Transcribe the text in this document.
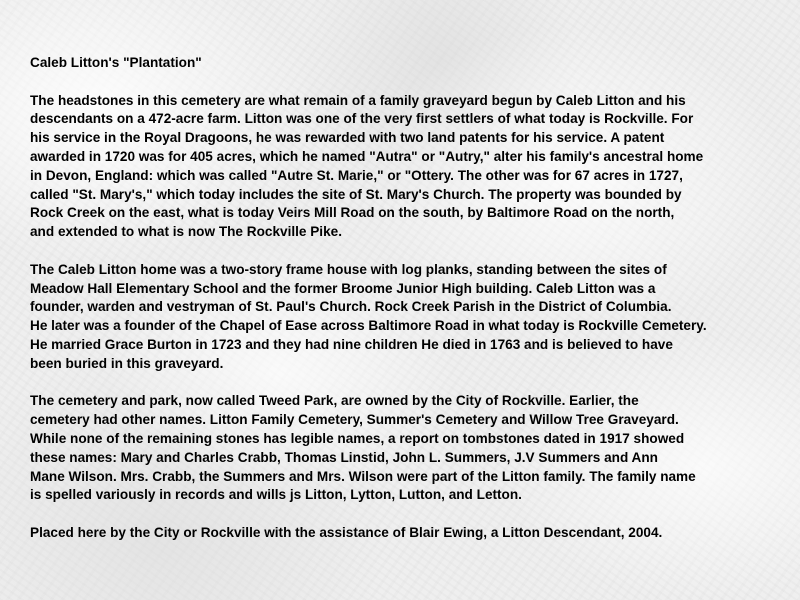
Caleb Litton's "Plantation"

The headstones in this cemetery are what remain of a family graveyard begun by Caleb Litton and his
descendants on a 472-acre farm. Litton was one of the very first settlers of what today is Rockville. For
his service in the Royal Dragoons, he was rewarded with two land patents for his service. A patent
awarded in 1720 was for 405 acres, which he named "Autra" or "Autry," alter his family's ancestral home
in Devon, England: which was called "Autre St. Marie," or "Ottery. The other was for 67 acres in 1727,
called "St. Mary's," which today includes the site of St. Mary's Church. The property was bounded by
Rock Creek on the east, what is today Veirs Mill Road on the south, by Baltimore Road on the north,
and extended to what is now The Rockville Pike.

The Caleb Litton home was a two-story frame house with log planks, standing between the sites of
Meadow Hall Elementary School and the former Broome Junior High building. Caleb Litton was a
founder, warden and vestryman of St. Paul's Church. Rock Creek Parish in the District of Columbia.
He later was a founder of the Chapel of Ease across Baltimore Road in what today is Rockville Cemetery.
He married Grace Burton in 1723 and they had nine children He died in 1763 and is believed to have
been buried in this graveyard.

The cemetery and park, now called Tweed Park, are owned by the City of Rockville. Earlier, the
cemetery had other names. Litton Family Cemetery, Summer's Cemetery and Willow Tree Graveyard.
While none of the remaining stones has legible names, a report on tombstones dated in 1917 showed
these names: Mary and Charles Crabb, Thomas Linstid, John L. Summers, J.V Summers and Ann
Mane Wilson. Mrs. Crabb, the Summers and Mrs. Wilson were part of the Litton family. The family name
is spelled variously in records and wills js Litton, Lytton, Lutton, and Letton.

Placed here by the City or Rockville with the assistance of Blair Ewing, a Litton Descendant, 2004.
